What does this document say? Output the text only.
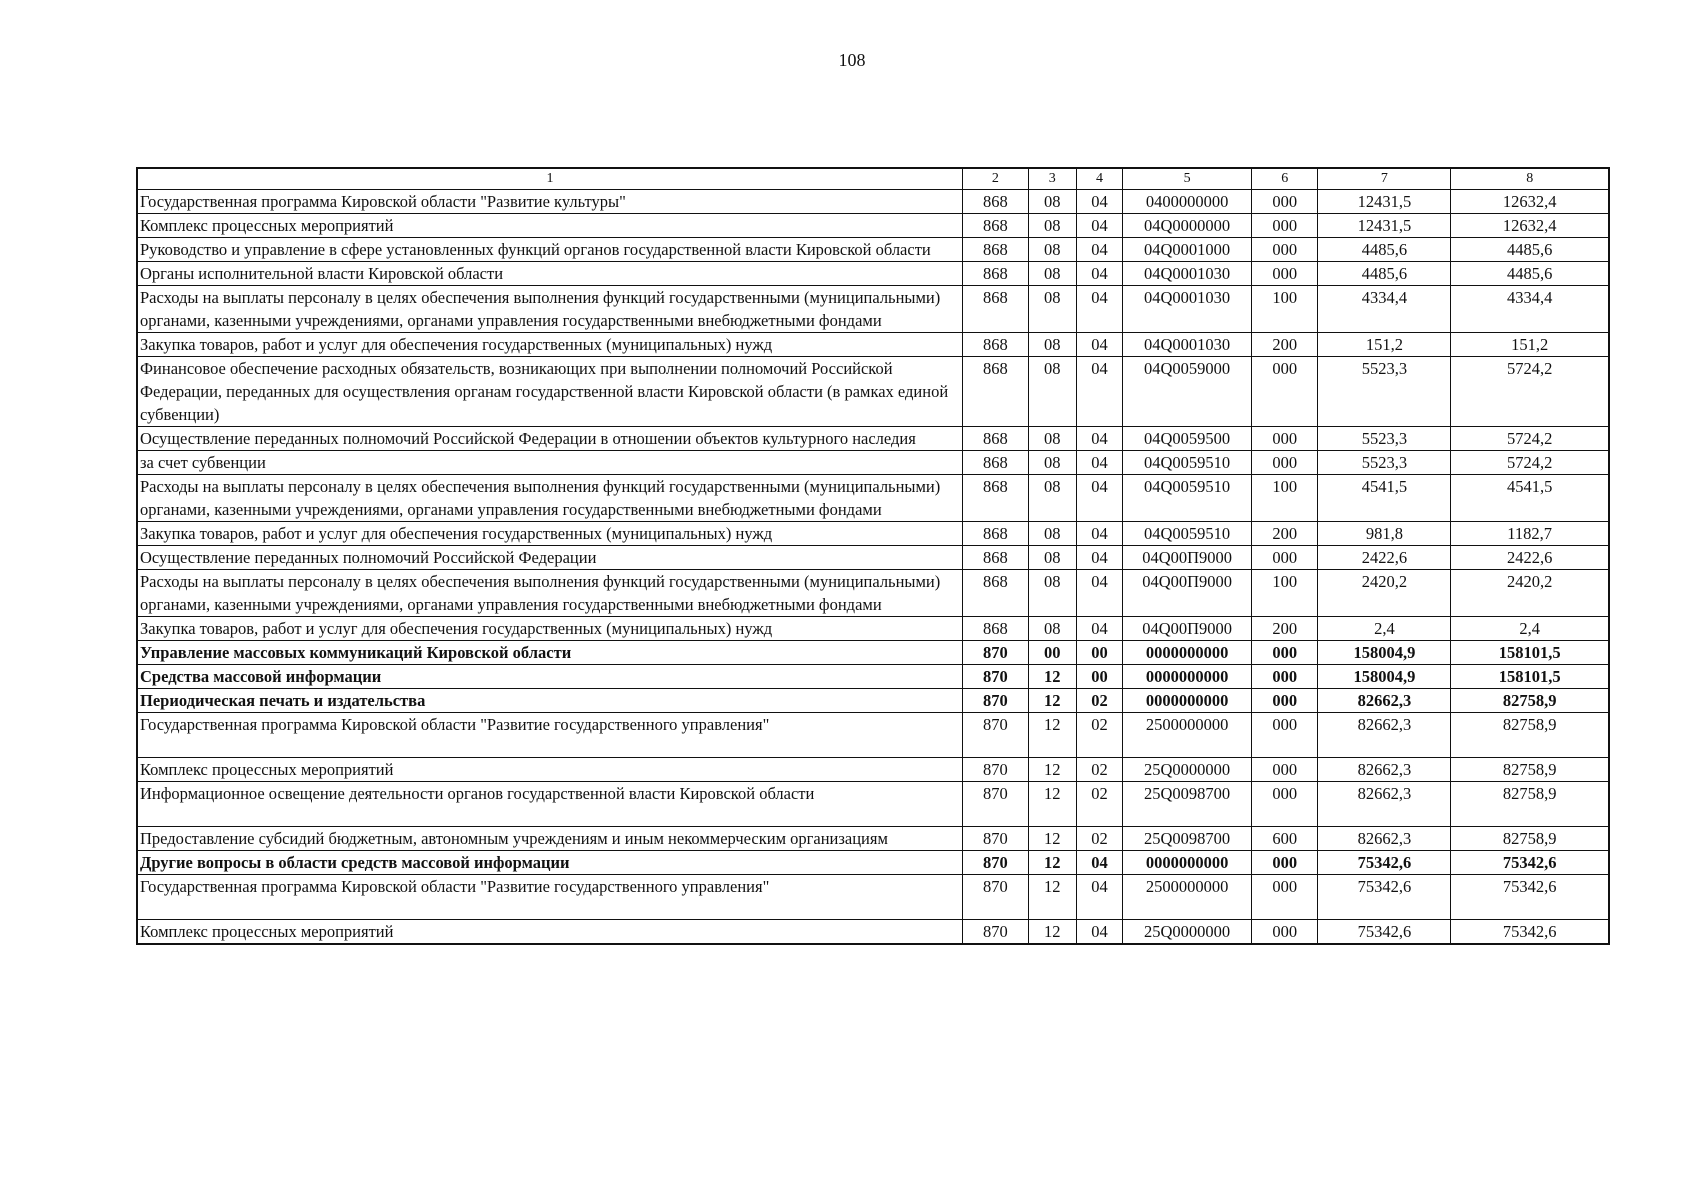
108
1	2	3	4	5	6	7	8
Государственная программа Кировской области "Развитие культуры"	868	08	04	0400000000	000	12431,5	12632,4
Комплекс процессных мероприятий	868	08	04	04Q0000000	000	12431,5	12632,4
Руководство и управление в сфере установленных функций органов государственной власти Кировской области	868	08	04	04Q0001000	000	4485,6	4485,6
Органы исполнительной власти Кировской области	868	08	04	04Q0001030	000	4485,6	4485,6
Расходы на выплаты персоналу в целях обеспечения выполнения функций государственными (муниципальными) органами, казенными учреждениями, органами управления государственными внебюджетными фондами	868	08	04	04Q0001030	100	4334,4	4334,4
Закупка товаров, работ и услуг для обеспечения государственных (муниципальных) нужд	868	08	04	04Q0001030	200	151,2	151,2
Финансовое обеспечение расходных обязательств, возникающих при выполнении полномочий Российской Федерации, переданных для осуществления органам государственной власти Кировской области (в рамках единой субвенции)	868	08	04	04Q0059000	000	5523,3	5724,2
Осуществление переданных полномочий Российской Федерации в отношении объектов культурного наследия	868	08	04	04Q0059500	000	5523,3	5724,2
за счет субвенции	868	08	04	04Q0059510	000	5523,3	5724,2
Расходы на выплаты персоналу в целях обеспечения выполнения функций государственными (муниципальными) органами, казенными учреждениями, органами управления государственными внебюджетными фондами	868	08	04	04Q0059510	100	4541,5	4541,5
Закупка товаров, работ и услуг для обеспечения государственных (муниципальных) нужд	868	08	04	04Q0059510	200	981,8	1182,7
Осуществление переданных полномочий Российской Федерации	868	08	04	04Q00П9000	000	2422,6	2422,6
Расходы на выплаты персоналу в целях обеспечения выполнения функций государственными (муниципальными) органами, казенными учреждениями, органами управления государственными внебюджетными фондами	868	08	04	04Q00П9000	100	2420,2	2420,2
Закупка товаров, работ и услуг для обеспечения государственных (муниципальных) нужд	868	08	04	04Q00П9000	200	2,4	2,4
Управление массовых коммуникаций Кировской области	870	00	00	0000000000	000	158004,9	158101,5
Средства массовой информации	870	12	00	0000000000	000	158004,9	158101,5
Периодическая печать и издательства	870	12	02	0000000000	000	82662,3	82758,9
Государственная программа Кировской области "Развитие государственного управления"	870	12	02	2500000000	000	82662,3	82758,9
Комплекс процессных мероприятий	870	12	02	25Q0000000	000	82662,3	82758,9
Информационное освещение деятельности органов государственной власти Кировской области	870	12	02	25Q0098700	000	82662,3	82758,9
Предоставление субсидий бюджетным, автономным учреждениям и иным некоммерческим организациям	870	12	02	25Q0098700	600	82662,3	82758,9
Другие вопросы в области средств массовой информации	870	12	04	0000000000	000	75342,6	75342,6
Государственная программа Кировской области "Развитие государственного управления"	870	12	04	2500000000	000	75342,6	75342,6
Комплекс процессных мероприятий	870	12	04	25Q0000000	000	75342,6	75342,6
